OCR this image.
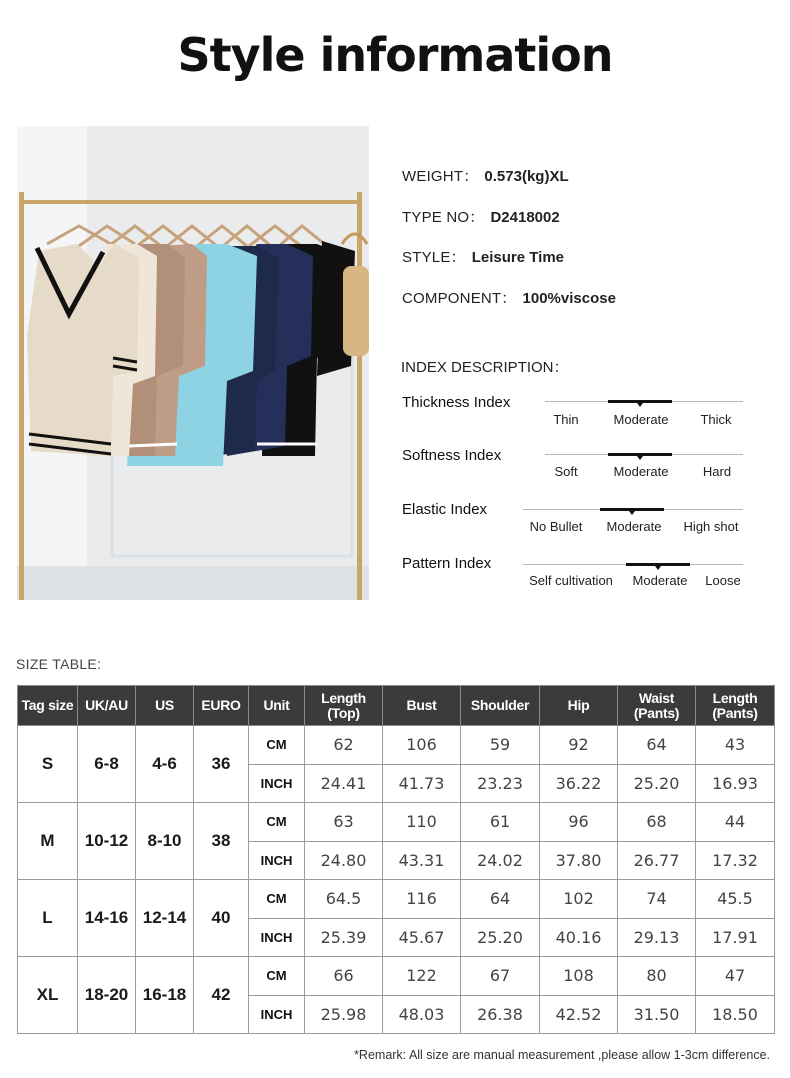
Style information
WEIGHT： 0.573(kg)XL
TYPE NO： D2418002
STYLE： Leisure Time
COMPONENT： 100%viscose
INDEX DESCRIPTION：
Thickness Index
Thin	Moderate Thick
Softness Index
Soft	Moderate	Hard
Elastic Index
No Bullet Moderate High shot
Pattern Index
Self cultivation Moderate Loose
SIZE TABLE:
Tag size	UK/AU	US	EURO	Unit	Length (Top)	Bust	Shoulder	Hip	Waist (Pants)	Length (Pants)
S	6-8	4-6	36	CM	62	106	59	92	64	43
				INCH	24.41	41.73	23.23	36.22	25.20	16.93
M	10-12	8-10	38	CM	63	110	61	96	68	44
				INCH	24.80	43.31	24.02	37.80	26.77	17.32
L	14-16	12-14	40	CM	64.5	116	64	102	74	45.5
				INCH	25.39	45.67	25.20	40.16	29.13	17.91
XL	18-20	16-18	42	CM	66	122	67	108	80	47
				INCH	25.98	48.03	26.38	42.52	31.50	18.50
*Remark: All size are manual measurement ,please allow 1-3cm difference.
